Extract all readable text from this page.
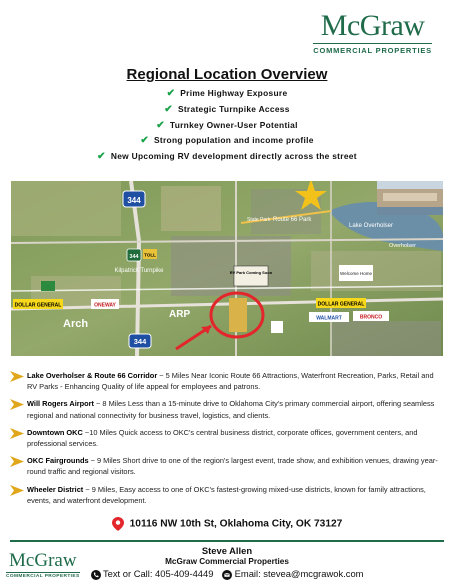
McGraw
COMMERCIAL PROPERTIES
Regional Location Overview
✔ Prime Highway Exposure
✔ Strategic Turnpike Access
✔ Turnkey Owner-User Potential
✔ Strong population and income profile
✔ New Upcoming RV development directly across the street
RV Park Coming Soon
344
344 TOLL
344
Kilpatrick Turnpike
Route 66 Park
State Park
Lake Overholser
Overholser
DOLLAR GENERAL	DOLLAR GENERAL
ONEWAY
Arch
ARP	WALMART	BRONCO
Welcome Home
Lake Overholser & Route 66 Corridor ~ 5 Miles Near Iconic Route 66 Attractions, Waterfront Recreation, Parks, Retail and RV Parks - Enhancing Quality of life appeal for employees and patrons.
Will Rogers Airport ~ 8 Miles Less than a 15-minute drive to Oklahoma City's primary commercial airport, offering seamless regional and national connectivity for business travel, logistics, and clients.
Downtown OKC ~10 Miles Quick access to OKC's central business district, corporate offices, government centers, and professional services.
OKC Fairgrounds ~ 9 Miles Short drive to one of the region's largest event, trade show, and exhibition venues, drawing year-round traffic and regional visitors.
Wheeler District ~ 9 Miles, Easy access to one of OKC's fastest-growing mixed-use districts, known for family attractions, events, and waterfront development.
10116 NW 10th St, Oklahoma City, OK 73127
McGraw
COMMERCIAL PROPERTIES
Steve Allen
McGraw Commercial Properties
Text or Call: 405-409-4449 Email: stevea@mcgrawok.com
